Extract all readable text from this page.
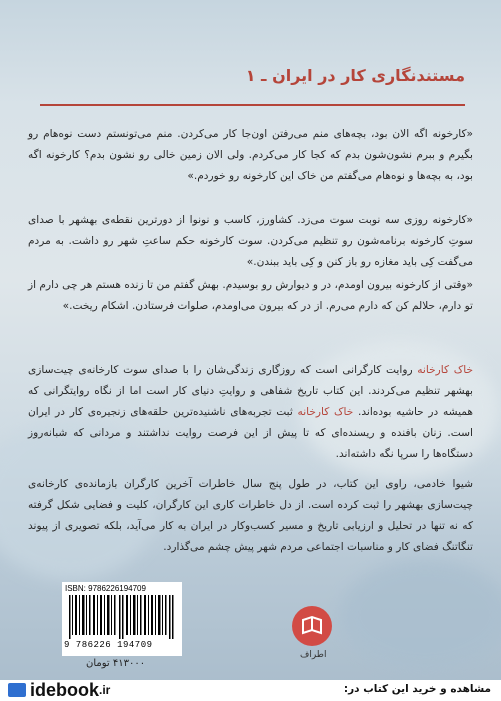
مستندنگاری کار در ایران ـ ۱
«کارخونه اگه الان بود، بچه‌های منم می‌رفتن اون‌جا کار می‌کردن. منم می‌تونستم دست نوه‌هام رو بگیرم و ببرم نشون‌شون بدم که کجا کار می‌کردم. ولی الان زمین خالی رو نشون بدم؟ کارخونه اگه بود، به بچه‌ها و نوه‌هام می‌گفتم من خاک این کارخونه رو خوردم.»
«کارخونه روزی سه نوبت سوت می‌زد. کشاورز، کاسب و نونوا از دورترین نقطه‌ی بهشهر با صدای سوتِ کارخونه برنامه‌شون رو تنظیم می‌کردن. سوت کارخونه حکم ساعتِ شهر رو داشت. به مردم می‌گفت کِی باید مغازه رو باز کنن و کِی باید ببندن.»
«وقتی از کارخونه بیرون اومدم، در و دیوارش رو بوسیدم. بهش گفتم من تا زنده هستم هر چی دارم از تو دارم، حلالم کن که دارم می‌رم. از در که بیرون می‌اومدم، صلوات فرستادن. اشکام ریخت.»
خاک کارخانه روایت کارگرانی است که روزگاری زندگی‌شان را با صدای سوت کارخانه‌ی چیت‌سازی بهشهر تنظیم می‌کردند. این کتاب تاریخ شفاهی و روایتِ دنیای کار است اما از نگاه روایتگرانی که همیشه در حاشیه بوده‌اند. خاک کارخانه ثبت تجربه‌های ناشنیده‌ترین حلقه‌های زنجیره‌ی کار در ایران است. زنان بافنده و ریسنده‌ای که تا پیش از این فرصت روایت نداشتند و مردانی که شبانه‌روز دستگاه‌ها را سرپا نگه داشته‌اند.
شیوا خادمی، راوی این کتاب، در طول پنج سال خاطرات آخرین کارگران بازمانده‌ی کارخانه‌ی چیت‌سازی بهشهر را ثبت کرده است. از دل خاطرات کاری این کارگران، کلیت و فضایی شکل گرفته که نه تنها در تحلیل و ارزیابی تاریخ و مسیر کسب‌وکار در ایران به کار می‌آید، بلکه تصویری از پیوند تنگاتنگ فضای کار و مناسبات اجتماعی مردم شهر پیش چشم می‌گذارد.
ISBN: 9786226194709
9 786226 194709
۴۱۳۰۰۰ تومان
اطراف
idebook .ir	مشاهده و خرید این کتاب در:
